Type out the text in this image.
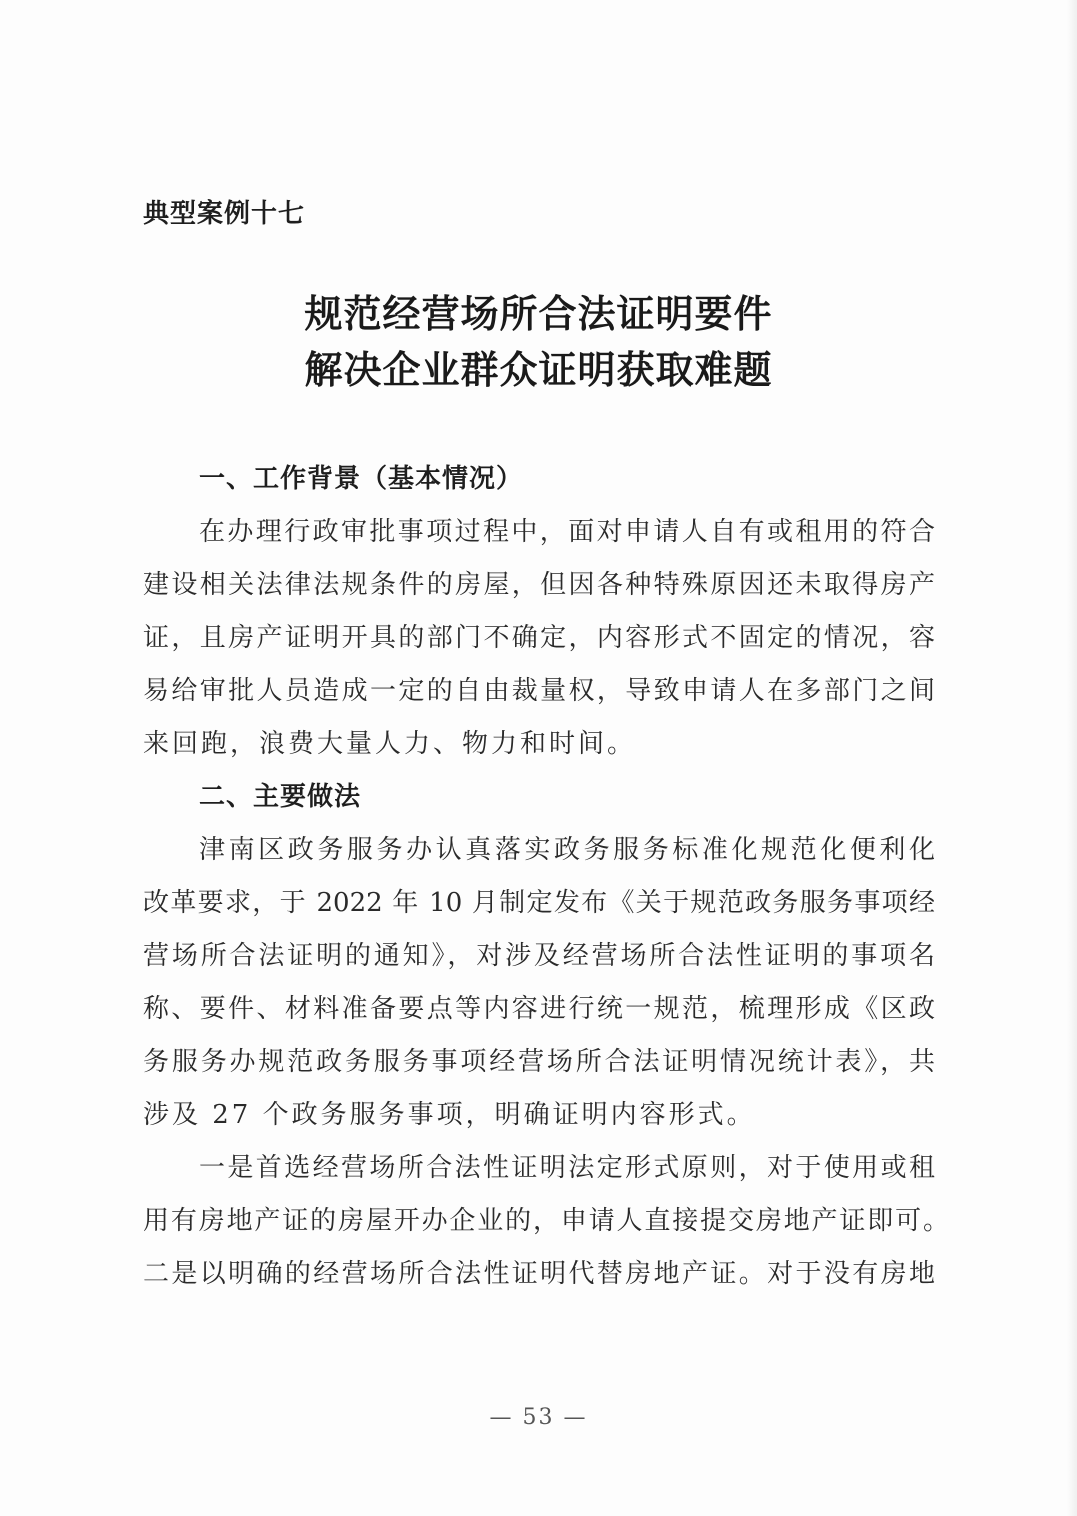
典型案例十七
规范经营场所合法证明要件
解决企业群众证明获取难题
一、工作背景（基本情况）
在办理行政审批事项过程中，面对申请人自有或租用的符合
建设相关法律法规条件的房屋，但因各种特殊原因还未取得房产
证，且房产证明开具的部门不确定，内容形式不固定的情况，容
易给审批人员造成一定的自由裁量权，导致申请人在多部门之间
来回跑，浪费大量人力、物力和时间。
二、主要做法
津南区政务服务办认真落实政务服务标准化规范化便利化
改革要求，于 2022 年 10 月制定发布《关于规范政务服务事项经
营场所合法证明的通知》，对涉及经营场所合法性证明的事项名
称、要件、材料准备要点等内容进行统一规范，梳理形成《区政
务服务办规范政务服务事项经营场所合法证明情况统计表》，共
涉及 27 个政务服务事项，明确证明内容形式。
一是首选经营场所合法性证明法定形式原则，对于使用或租
用有房地产证的房屋开办企业的，申请人直接提交房地产证即可。
二是以明确的经营场所合法性证明代替房地产证。对于没有房地
— 53 —
